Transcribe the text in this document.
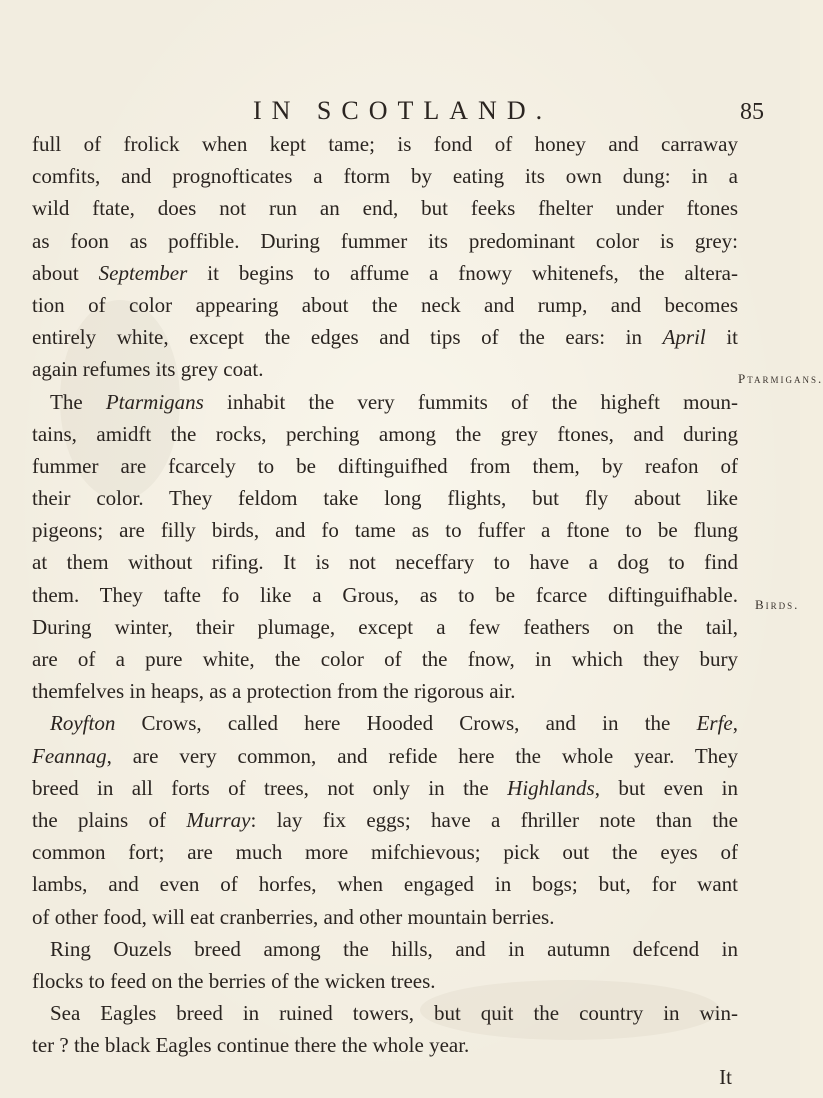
IN SCOTLAND.	85
Ptarmigans.
Birds.
full of frolick when kept tame; is fond of honey and carraway
comfits, and prognofticates a ftorm by eating its own dung: in a
wild ftate, does not run an end, but feeks fhelter under ftones
as foon as poffible. During fummer its predominant color is grey:
about September it begins to affume a fnowy whitenefs, the altera-
tion of color appearing about the neck and rump, and becomes
entirely white, except the edges and tips of the ears: in April it
again refumes its grey coat.
The Ptarmigans inhabit the very fummits of the higheft moun-
tains, amidft the rocks, perching among the grey ftones, and during
fummer are fcarcely to be diftinguifhed from them, by reafon of
their color. They feldom take long flights, but fly about like
pigeons; are filly birds, and fo tame as to fuffer a ftone to be flung
at them without rifing. It is not neceffary to have a dog to find
them. They tafte fo like a Grous, as to be fcarce diftinguifhable.
During winter, their plumage, except a few feathers on the tail,
are of a pure white, the color of the fnow, in which they bury
themfelves in heaps, as a protection from the rigorous air.
Royfton Crows, called here Hooded Crows, and in the Erfe,
Feannag, are very common, and refide here the whole year. They
breed in all forts of trees, not only in the Highlands, but even in
the plains of Murray: lay fix eggs; have a fhriller note than the
common fort; are much more mifchievous; pick out the eyes of
lambs, and even of horfes, when engaged in bogs; but, for want
of other food, will eat cranberries, and other mountain berries.
Ring Ouzels breed among the hills, and in autumn defcend in
flocks to feed on the berries of the wicken trees.
Sea Eagles breed in ruined towers, but quit the country in win-
ter ? the black Eagles continue there the whole year.
It
